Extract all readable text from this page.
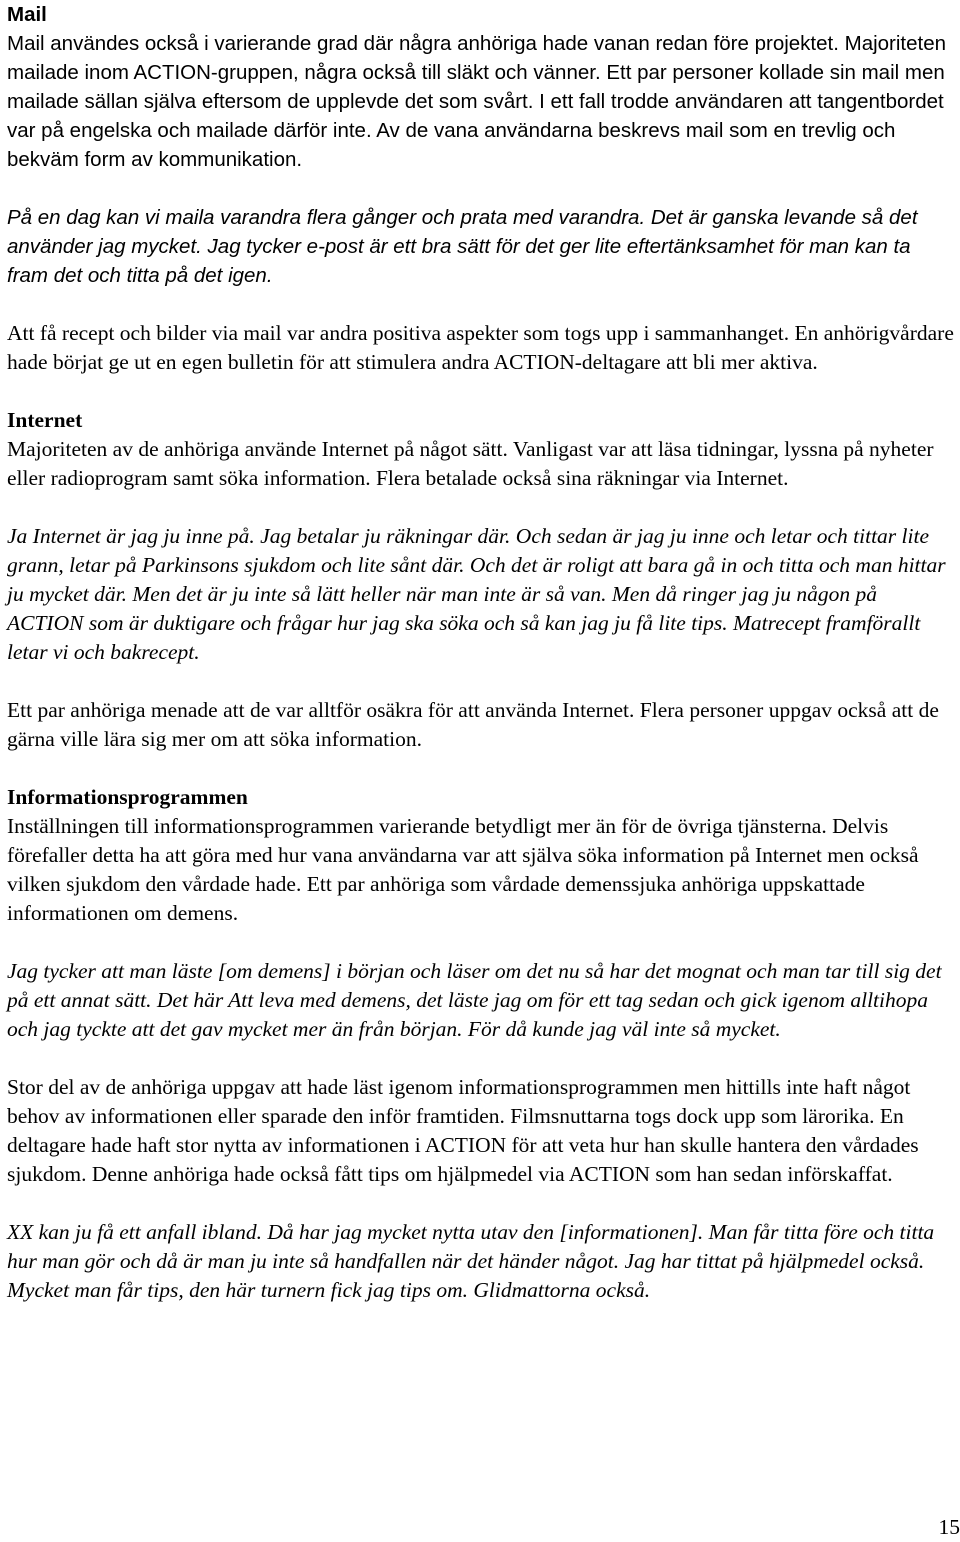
Mail

Mail användes också i varierande grad där några anhöriga hade vanan redan före projektet. Majoriteten mailade inom ACTION-gruppen, några också till släkt och vänner. Ett par personer kollade sin mail men mailade sällan själva eftersom de upplevde det som svårt. I ett fall trodde användaren att tangentbordet var på engelska och mailade därför inte. Av de vana användarna beskrevs mail som en trevlig och bekväm form av kommunikation.

På en dag kan vi maila varandra flera gånger och prata med varandra. Det är ganska levande så det använder jag mycket. Jag tycker e-post är ett bra sätt för det ger lite eftertänksamhet för man kan ta fram det och titta på det igen.

Att få recept och bilder via mail var andra positiva aspekter som togs upp i sammanhanget. En anhörigvårdare hade börjat ge ut en egen bulletin för att stimulera andra ACTION-deltagare att bli mer aktiva.

Internet

Majoriteten av de anhöriga använde Internet på något sätt. Vanligast var att läsa tidningar, lyssna på nyheter eller radioprogram samt söka information. Flera betalade också sina räkningar via Internet.

Ja Internet är jag ju inne på. Jag betalar ju räkningar där. Och sedan är jag ju inne och letar och tittar lite grann, letar på Parkinsons sjukdom och lite sånt där. Och det är roligt att bara gå in och titta och man hittar ju mycket där. Men det är ju inte så lätt heller när man inte är så van. Men då ringer jag ju någon på ACTION som är duktigare och frågar hur jag ska söka och så kan jag ju få lite tips. Matrecept framförallt letar vi och bakrecept.

Ett par anhöriga menade att de var alltför osäkra för att använda Internet. Flera personer uppgav också att de gärna ville lära sig mer om att söka information.

Informationsprogrammen

Inställningen till informationsprogrammen varierande betydligt mer än för de övriga tjänsterna. Delvis förefaller detta ha att göra med hur vana användarna var att själva söka information på Internet men också vilken sjukdom den vårdade hade. Ett par anhöriga som vårdade demenssjuka anhöriga uppskattade informationen om demens.

Jag tycker att man läste [om demens] i början och läser om det nu så har det mognat och man tar till sig det på ett annat sätt. Det här Att leva med demens, det läste jag om för ett tag sedan och gick igenom alltihopa och jag tyckte att det gav mycket mer än från början. För då kunde jag väl inte så mycket.

Stor del av de anhöriga uppgav att hade läst igenom informationsprogrammen men hittills inte haft något behov av informationen eller sparade den inför framtiden. Filmsnuttarna togs dock upp som lärorika. En deltagare hade haft stor nytta av informationen i ACTION för att veta hur han skulle hantera den vårdades sjukdom. Denne anhöriga hade också fått tips om hjälpmedel via ACTION som han sedan införskaffat.

XX kan ju få ett anfall ibland. Då har jag mycket nytta utav den [informationen]. Man får titta före och titta hur man gör och då är man ju inte så handfallen när det händer något. Jag har tittat på hjälpmedel också. Mycket man får tips, den här turnern fick jag tips om. Glidmattorna också.

15
